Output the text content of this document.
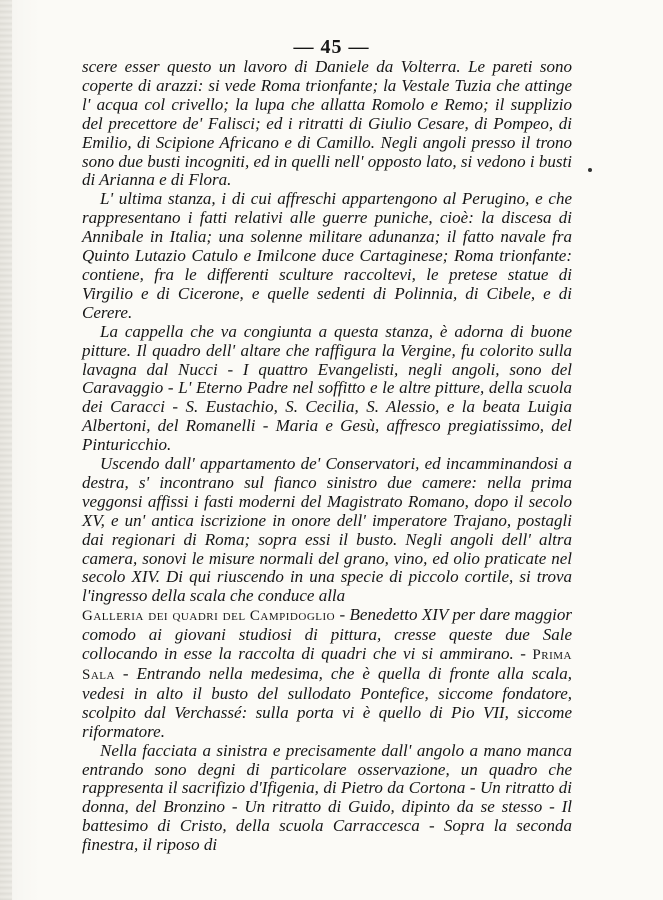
— 45 —

scere esser questo un lavoro di Daniele da Volterra. Le pareti sono coperte di arazzi: si vede Roma trionfante; la Vestale Tuzia che attinge l' acqua col crivello; la lupa che allatta Romolo e Remo; il supplizio del precettore de' Falisci; ed i ritratti di Giulio Cesare, di Pompeo, di Emilio, di Scipione Africano e di Camillo. Negli angoli presso il trono sono due busti incogniti, ed in quelli nell' opposto lato, si vedono i busti di Arianna e di Flora.

L' ultima stanza, i di cui affreschi appartengono al Perugino, e che rappresentano i fatti relativi alle guerre puniche, cioè: la discesa di Annibale in Italia; una solenne militare adunanza; il fatto navale fra Quinto Lutazio Catulo e Imilcone duce Cartaginese; Roma trionfante: contiene, fra le differenti sculture raccoltevi, le pretese statue di Virgilio e di Cicerone, e quelle sedenti di Polinnia, di Cibele, e di Cerere.

La cappella che va congiunta a questa stanza, è adorna di buone pitture. Il quadro dell' altare che raffigura la Vergine, fu colorito sulla lavagna dal Nucci - I quattro Evangelisti, negli angoli, sono del Caravaggio - L' Eterno Padre nel soffitto e le altre pitture, della scuola dei Caracci - S. Eustachio, S. Cecilia, S. Alessio, e la beata Luigia Albertoni, del Romanelli - Maria e Gesù, affresco pregiatissimo, del Pinturicchio.

Uscendo dall' appartamento de' Conservatori, ed incamminandosi a destra, s' incontrano sul fianco sinistro due camere: nella prima veggonsi affissi i fasti moderni del Magistrato Romano, dopo il secolo XV, e un' antica iscrizione in onore dell' imperatore Trajano, postagli dai regionari di Roma; sopra essi il busto. Negli angoli dell' altra camera, sonovi le misure normali del grano, vino, ed olio praticate nel secolo XIV. Di qui riuscendo in una specie di piccolo cortile, si trova l'ingresso della scala che conduce alla

Galleria dei quadri del Campidoglio - Benedetto XIV per dare maggior comodo ai giovani studiosi di pittura, cresse queste due Sale collocando in esse la raccolta di quadri che vi si ammirano. - Prima Sala - Entrando nella medesima, che è quella di fronte alla scala, vedesi in alto il busto del sullodato Pontefice, siccome fondatore, scolpito dal Verchassé: sulla porta vi è quello di Pio VII, siccome riformatore.

Nella facciata a sinistra e precisamente dall' angolo a mano manca entrando sono degni di particolare osservazione, un quadro che rappresenta il sacrifizio d'Ifigenia, di Pietro da Cortona - Un ritratto di donna, del Bronzino - Un ritratto di Guido, dipinto da se stesso - Il battesimo di Cristo, della scuola Carraccesca - Sopra la seconda finestra, il riposo di
